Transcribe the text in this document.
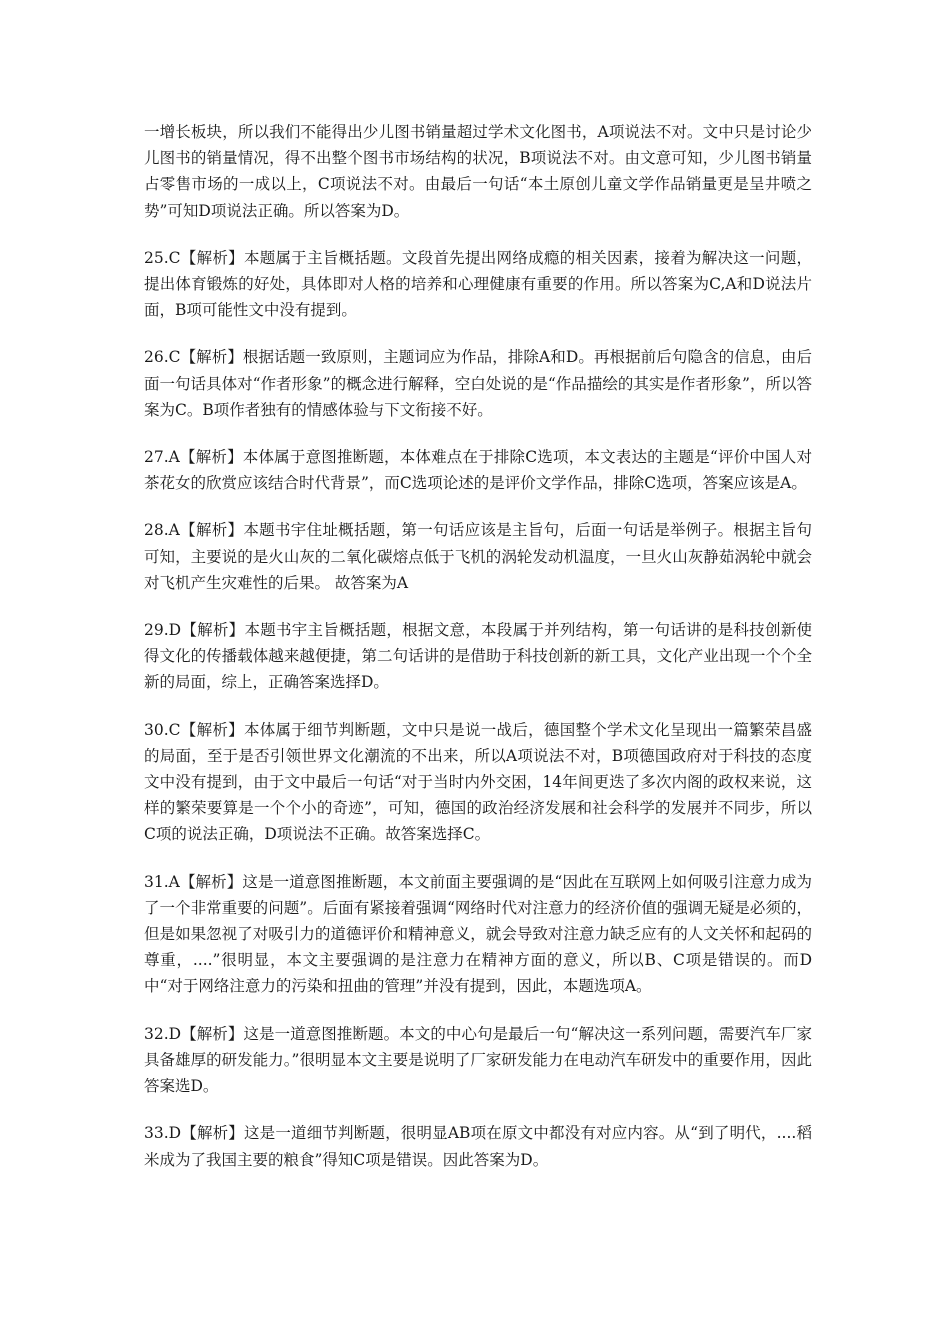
一增长板块，所以我们不能得出少儿图书销量超过学术文化图书，A项说法不对。文中只是讨论少儿图书的销量情况，得不出整个图书市场结构的状况，B项说法不对。由文意可知，少儿图书销量占零售市场的一成以上，C项说法不对。由最后一句话“本土原创儿童文学作品销量更是呈井喷之势”可知D项说法正确。所以答案为D。

25.C【解析】本题属于主旨概括题。文段首先提出网络成瘾的相关因素，接着为解决这一问题，提出体育锻炼的好处，具体即对人格的培养和心理健康有重要的作用。所以答案为C,A和D说法片面，B项可能性文中没有提到。

26.C【解析】根据话题一致原则，主题词应为作品，排除A和D。再根据前后句隐含的信息，由后面一句话具体对“作者形象”的概念进行解释，空白处说的是“作品描绘的其实是作者形象”，所以答案为C。B项作者独有的情感体验与下文衔接不好。

27.A【解析】本体属于意图推断题，本体难点在于排除C选项，本文表达的主题是“评价中国人对茶花女的欣赏应该结合时代背景”，而C选项论述的是评价文学作品，排除C选项，答案应该是A。

28.A【解析】本题书宇住址概括题，第一句话应该是主旨句，后面一句话是举例子。根据主旨句可知，主要说的是火山灰的二氧化碳熔点低于飞机的涡轮发动机温度，一旦火山灰静茹涡轮中就会对飞机产生灾难性的后果。 故答案为A

29.D【解析】本题书宇主旨概括题，根据文意，本段属于并列结构，第一句话讲的是科技创新使得文化的传播载体越来越便捷，第二句话讲的是借助于科技创新的新工具，文化产业出现一个个全新的局面，综上，正确答案选择D。

30.C【解析】本体属于细节判断题，文中只是说一战后，德国整个学术文化呈现出一篇繁荣昌盛的局面，至于是否引领世界文化潮流的不出来，所以A项说法不对，B项德国政府对于科技的态度文中没有提到，由于文中最后一句话“对于当时内外交困，14年间更迭了多次内阁的政权来说，这样的繁荣要算是一个个小的奇迹”，可知，德国的政治经济发展和社会科学的发展并不同步，所以C项的说法正确，D项说法不正确。故答案选择C。

31.A【解析】这是一道意图推断题，本文前面主要强调的是“因此在互联网上如何吸引注意力成为了一个非常重要的问题”。后面有紧接着强调“网络时代对注意力的经济价值的强调无疑是必须的，但是如果忽视了对吸引力的道德评价和精神意义，就会导致对注意力缺乏应有的人文关怀和起码的尊重，....”很明显，本文主要强调的是注意力在精神方面的意义，所以B、C项是错误的。而D中“对于网络注意力的污染和扭曲的管理”并没有提到，因此，本题选项A。

32.D【解析】这是一道意图推断题。本文的中心句是最后一句“解决这一系列问题，需要汽车厂家具备雄厚的研发能力。”很明显本文主要是说明了厂家研发能力在电动汽车研发中的重要作用，因此答案选D。

33.D【解析】这是一道细节判断题，很明显AB项在原文中都没有对应内容。从“到了明代，....稻米成为了我国主要的粮食”得知C项是错误。因此答案为D。
